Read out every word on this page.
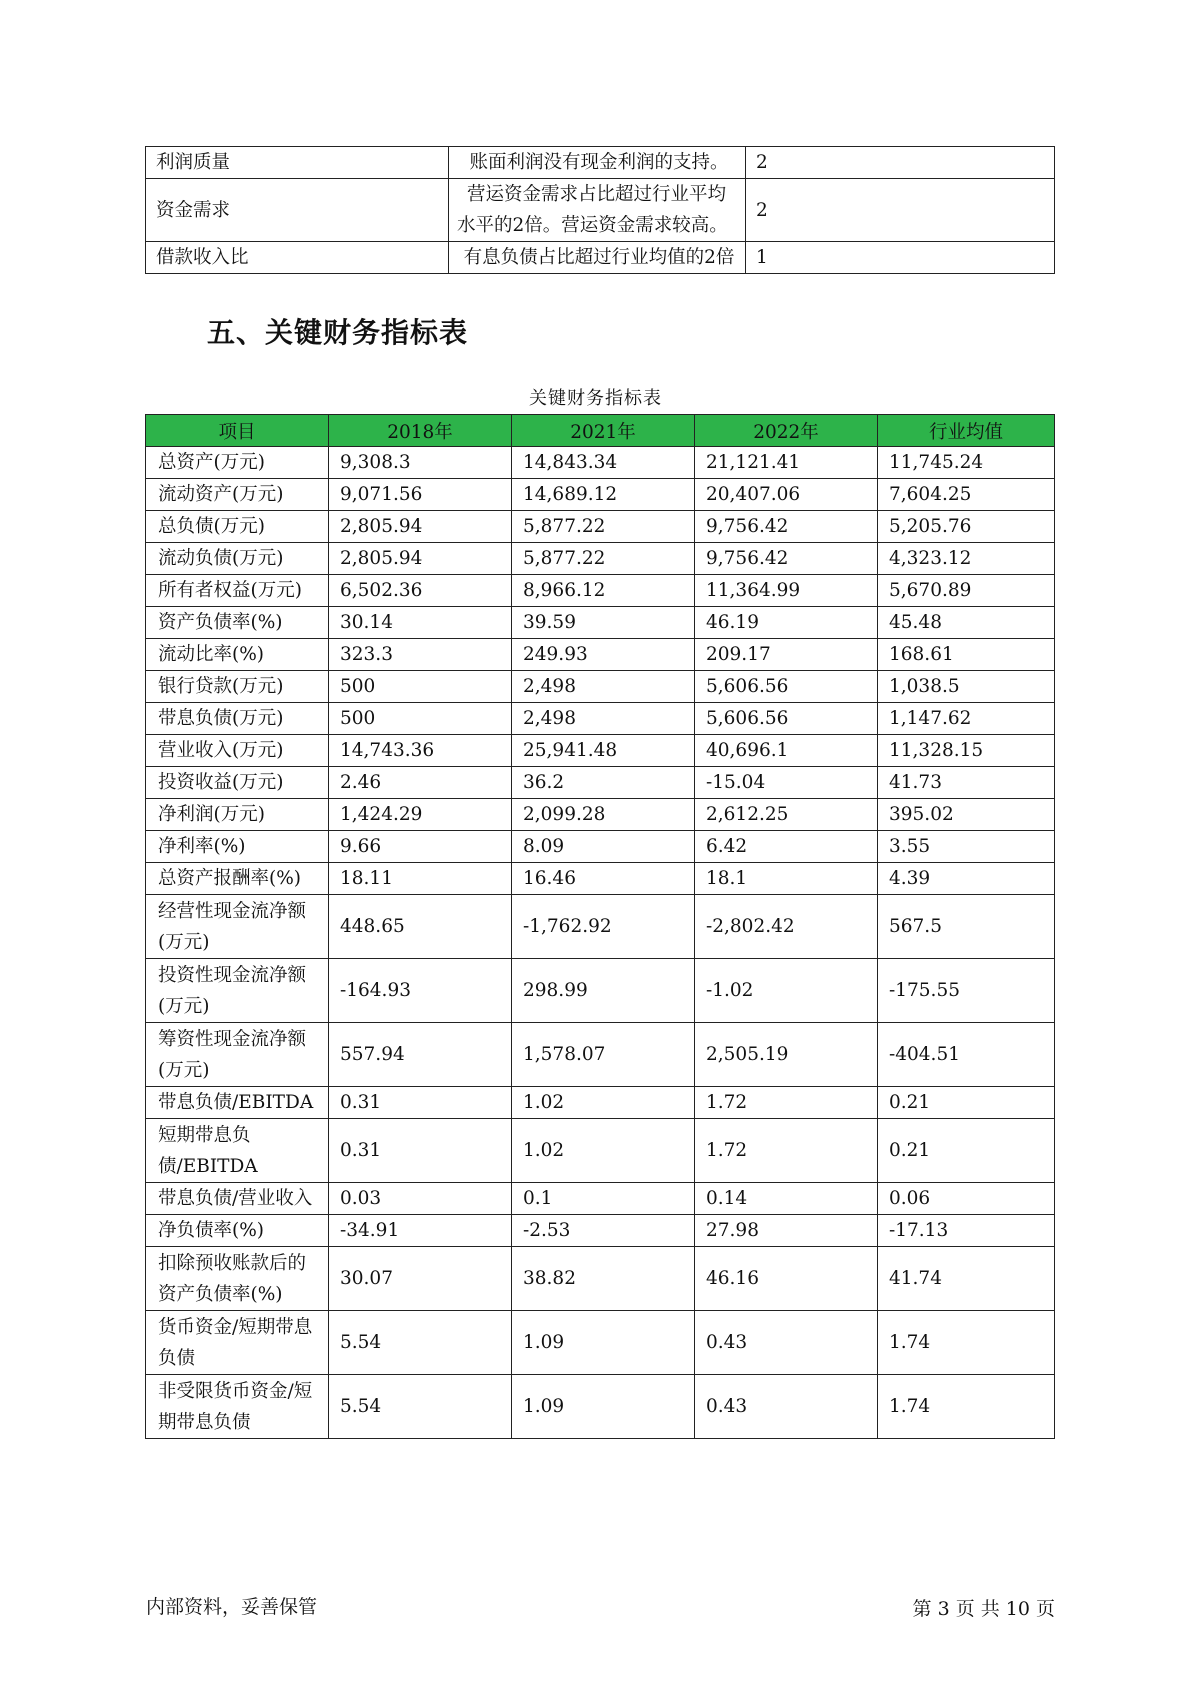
利润质量	账面利润没有现金利润的支持。	2
资金需求	营运资金需求占比超过行业平均水平的2倍。营运资金需求较高。	2
借款收入比	有息负债占比超过行业均值的2倍	1
五、关键财务指标表
关键财务指标表
项目	2018年	2021年	2022年	行业均值
总资产(万元)	9,308.3	14,843.34	21,121.41	11,745.24
流动资产(万元)	9,071.56	14,689.12	20,407.06	7,604.25
总负债(万元)	2,805.94	5,877.22	9,756.42	5,205.76
流动负债(万元)	2,805.94	5,877.22	9,756.42	4,323.12
所有者权益(万元)	6,502.36	8,966.12	11,364.99	5,670.89
资产负债率(%)	30.14	39.59	46.19	45.48
流动比率(%)	323.3	249.93	209.17	168.61
银行贷款(万元)	500	2,498	5,606.56	1,038.5
带息负债(万元)	500	2,498	5,606.56	1,147.62
营业收入(万元)	14,743.36	25,941.48	40,696.1	11,328.15
投资收益(万元)	2.46	36.2	-15.04	41.73
净利润(万元)	1,424.29	2,099.28	2,612.25	395.02
净利率(%)	9.66	8.09	6.42	3.55
总资产报酬率(%)	18.11	16.46	18.1	4.39
经营性现金流净额(万元)	448.65	-1,762.92	-2,802.42	567.5
投资性现金流净额(万元)	-164.93	298.99	-1.02	-175.55
筹资性现金流净额(万元)	557.94	1,578.07	2,505.19	-404.51
带息负债/EBITDA	0.31	1.02	1.72	0.21
短期带息负债/EBITDA	0.31	1.02	1.72	0.21
带息负债/营业收入	0.03	0.1	0.14	0.06
净负债率(%)	-34.91	-2.53	27.98	-17.13
扣除预收账款后的资产负债率(%)	30.07	38.82	46.16	41.74
货币资金/短期带息负债	5.54	1.09	0.43	1.74
非受限货币资金/短期带息负债	5.54	1.09	0.43	1.74
内部资料，妥善保管	第 3 页 共 10 页
